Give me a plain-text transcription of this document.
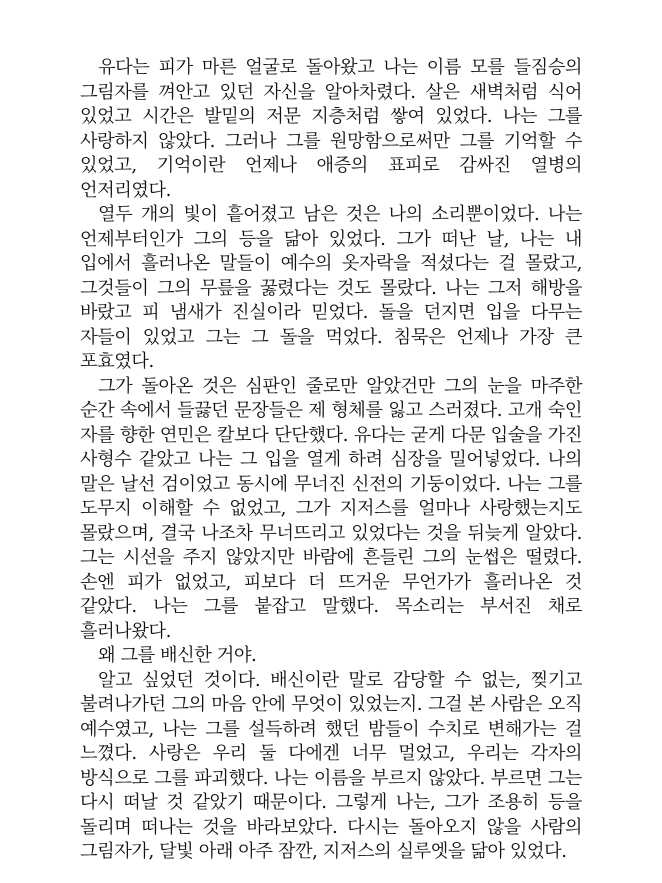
유다는 피가 마른 얼굴로 돌아왔고 나는 이름 모를 들짐승의 그림자를 껴안고 있던 자신을 알아차렸다. 살은 새벽처럼 식어 있었고 시간은 발밑의 저문 지층처럼 쌓여 있었다. 나는 그를 사랑하지 않았다. 그러나 그를 원망함으로써만 그를 기억할 수 있었고, 기억이란 언제나 애증의 표피로 감싸진 열병의 언저리였다.

열두 개의 빛이 흩어졌고 남은 것은 나의 소리뿐이었다. 나는 언제부터인가 그의 등을 닮아 있었다. 그가 떠난 날, 나는 내 입에서 흘러나온 말들이 예수의 옷자락을 적셨다는 걸 몰랐고, 그것들이 그의 무릎을 꿇렸다는 것도 몰랐다. 나는 그저 해방을 바랐고 피 냄새가 진실이라 믿었다. 돌을 던지면 입을 다무는 자들이 있었고 그는 그 돌을 먹었다. 침묵은 언제나 가장 큰 포효였다.

그가 돌아온 것은 심판인 줄로만 알았건만 그의 눈을 마주한 순간 속에서 들끓던 문장들은 제 형체를 잃고 스러졌다. 고개 숙인 자를 향한 연민은 칼보다 단단했다. 유다는 굳게 다문 입술을 가진 사형수 같았고 나는 그 입을 열게 하려 심장을 밀어넣었다. 나의 말은 날선 검이었고 동시에 무너진 신전의 기둥이었다. 나는 그를 도무지 이해할 수 없었고, 그가 지저스를 얼마나 사랑했는지도 몰랐으며, 결국 나조차 무너뜨리고 있었다는 것을 뒤늦게 알았다. 그는 시선을 주지 않았지만 바람에 흔들린 그의 눈썹은 떨렸다. 손엔 피가 없었고, 피보다 더 뜨거운 무언가가 흘러나온 것 같았다. 나는 그를 붙잡고 말했다. 목소리는 부서진 채로 흘러나왔다.

왜 그를 배신한 거야.

알고 싶었던 것이다. 배신이란 말로 감당할 수 없는, 찢기고 불려나가던 그의 마음 안에 무엇이 있었는지. 그걸 본 사람은 오직 예수였고, 나는 그를 설득하려 했던 밤들이 수치로 변해가는 걸 느꼈다. 사랑은 우리 둘 다에겐 너무 멀었고, 우리는 각자의 방식으로 그를 파괴했다. 나는 이름을 부르지 않았다. 부르면 그는 다시 떠날 것 같았기 때문이다. 그렇게 나는, 그가 조용히 등을 돌리며 떠나는 것을 바라보았다. 다시는 돌아오지 않을 사람의 그림자가, 달빛 아래 아주 잠깐, 지저스의 실루엣을 닮아 있었다.
